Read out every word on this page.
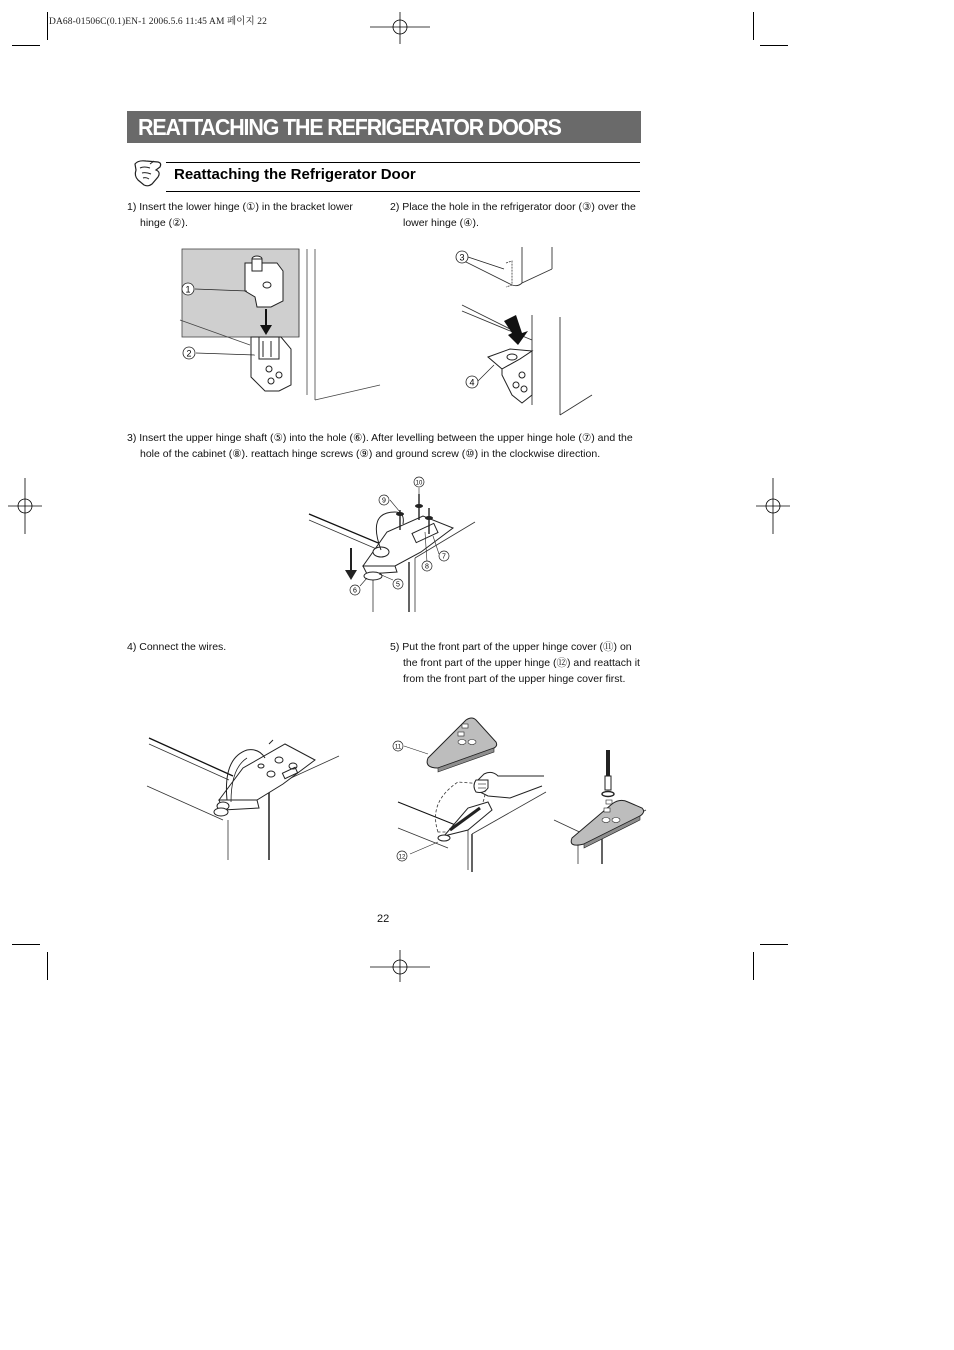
DA68-01506C(0.1)EN-1 2006.5.6 11:45 AM 페이지 22
REATTACHING THE REFRIGERATOR DOORS
Reattaching the Refrigerator Door
1) Insert the lower hinge (①) in the bracket lower hinge (②).
2) Place the hole in the refrigerator door (③) over the lower hinge (④).
3) Insert the upper hinge shaft (⑤) into the hole (⑥). After levelling between the upper hinge hole (⑦) and the hole of the cabinet (⑧). reattach hinge screws (⑨) and ground screw (⑩) in the clockwise direction.
4) Connect the wires.	5) Put the front part of the upper hinge cover (⑪) on the front part of the upper hinge (⑫) and reattach it from the front part of the upper hinge cover first.
1
2
3
4
9
10
7
8
5
6
11
12
22
